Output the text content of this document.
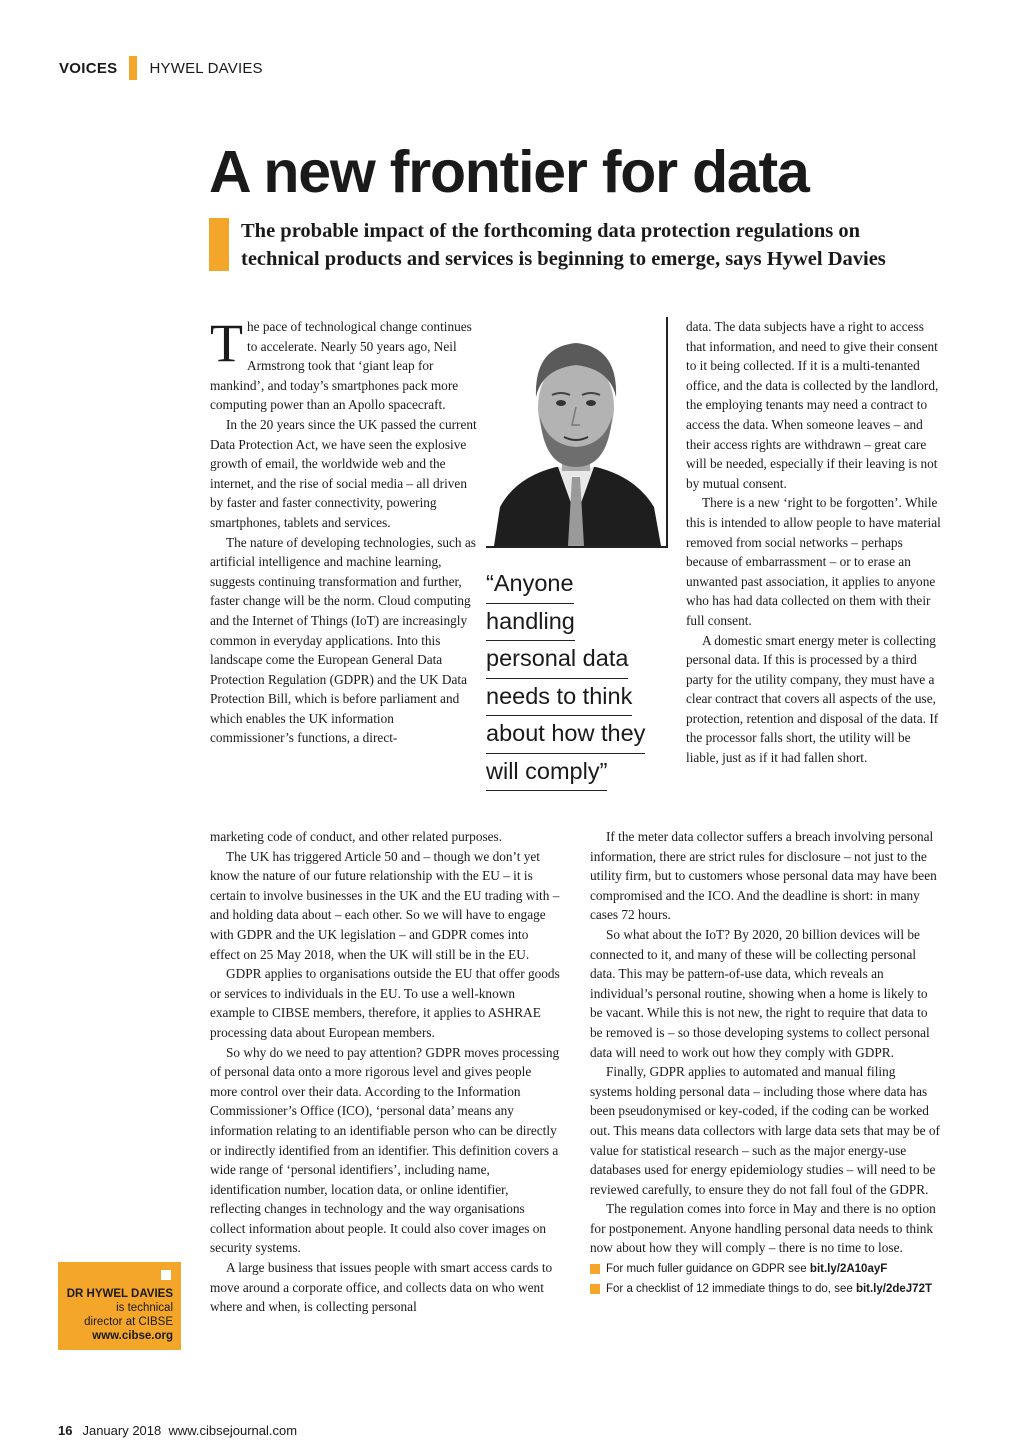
VOICES HYWEL DAVIES
A new frontier for data
The probable impact of the forthcoming data protection regulations on technical products and services is beginning to emerge, says Hywel Davies

The pace of technological change continues to accelerate. Nearly 50 years ago, Neil Armstrong took that ‘giant leap for mankind’, and today’s smartphones pack more computing power than an Apollo spacecraft.

In the 20 years since the UK passed the current Data Protection Act, we have seen the explosive growth of email, the worldwide web and the internet, and the rise of social media – all driven by faster and faster connectivity, powering smartphones, tablets and services.

The nature of developing technologies, such as artificial intelligence and machine learning, suggests continuing transformation and further, faster change will be the norm. Cloud computing and the Internet of Things (IoT) are increasingly common in everyday applications. Into this landscape come the European General Data Protection Regulation (GDPR) and the UK Data Protection Bill, which is before parliament and which enables the UK information commissioner’s functions, a direct-

“Anyone
handling
personal data
needs to think
about how they
will comply”

data. The data subjects have a right to access that information, and need to give their consent to it being collected. If it is a multi-tenanted office, and the data is collected by the landlord, the employing tenants may need a contract to access the data. When someone leaves – and their access rights are withdrawn – great care will be needed, especially if their leaving is not by mutual consent.

There is a new ‘right to be forgotten’. While this is intended to allow people to have material removed from social networks – perhaps because of embarrassment – or to erase an unwanted past association, it applies to anyone who has had data collected on them with their full consent.

A domestic smart energy meter is collecting personal data. If this is processed by a third party for the utility company, they must have a clear contract that covers all aspects of the use, protection, retention and disposal of the data. If the processor falls short, the utility will be liable, just as if it had fallen short.

marketing code of conduct, and other related purposes.

The UK has triggered Article 50 and – though we don’t yet know the nature of our future relationship with the EU – it is certain to involve businesses in the UK and the EU trading with – and holding data about – each other. So we will have to engage with GDPR and the UK legislation – and GDPR comes into effect on 25 May 2018, when the UK will still be in the EU.

GDPR applies to organisations outside the EU that offer goods or services to individuals in the EU. To use a well-known example to CIBSE members, therefore, it applies to ASHRAE processing data about European members.

So why do we need to pay attention? GDPR moves processing of personal data onto a more rigorous level and gives people more control over their data. According to the Information Commissioner’s Office (ICO), ‘personal data’ means any information relating to an identifiable person who can be directly or indirectly identified from an identifier. This definition covers a wide range of ‘personal identifiers’, including name, identification number, location data, or online identifier, reflecting changes in technology and the way organisations collect information about people. It could also cover images on security systems.

A large business that issues people with smart access cards to move around a corporate office, and collects data on who went where and when, is collecting personal

If the meter data collector suffers a breach involving personal information, there are strict rules for disclosure – not just to the utility firm, but to customers whose personal data may have been compromised and the ICO. And the deadline is short: in many cases 72 hours.

So what about the IoT? By 2020, 20 billion devices will be connected to it, and many of these will be collecting personal data. This may be pattern-of-use data, which reveals an individual’s personal routine, showing when a home is likely to be vacant. While this is not new, the right to require that data to be removed is – so those developing systems to collect personal data will need to work out how they comply with GDPR.

Finally, GDPR applies to automated and manual filing systems holding personal data – including those where data has been pseudonymised or key-coded, if the coding can be worked out. This means data collectors with large data sets that may be of value for statistical research – such as the major energy-use databases used for energy epidemiology studies – will need to be reviewed carefully, to ensure they do not fall foul of the GDPR.

The regulation comes into force in May and there is no option for postponement. Anyone handling personal data needs to think now about how they will comply – there is no time to lose.

For much fuller guidance on GDPR see
bit.ly/2A10ayF
For a checklist of 12 immediate things to do, see
bit.ly/2deJ72T
DR HYWEL DAVIES
is technical
director at CIBSE
www.cibse.org
16 January 2018  www.cibsejournal.com
